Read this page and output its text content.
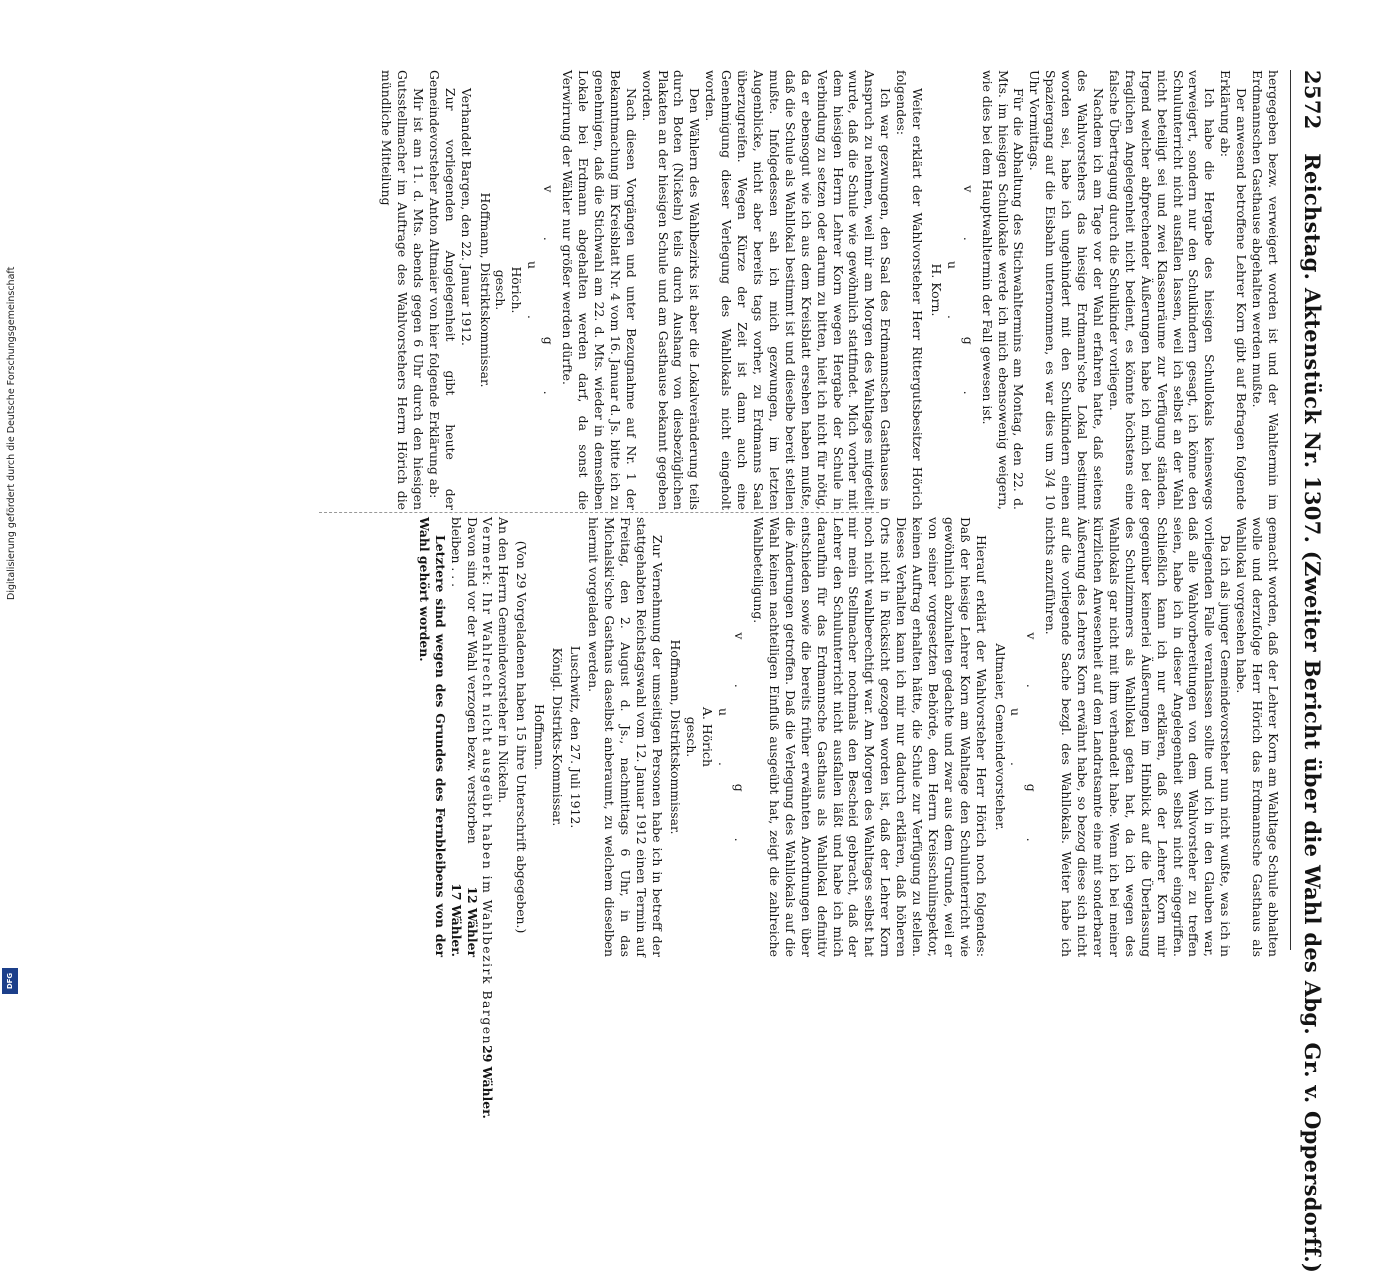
2572 Reichstag. Aktenstück Nr. 1307. (Zweiter Bericht über die Wahl des Abg. Gr. v. Oppersdorff.)

hergegeben bezw. verweigert worden ist und der Wahltermin im Erdmannschen Gasthause abgehalten werden mußte.

Der anwesend betroffene Lehrer Korn gibt auf Befragen folgende Erklärung ab:

Ich habe die Hergabe des hiesigen Schullokals keineswegs verweigert, sondern nur den Schulkindern gesagt, ich könne den Schulunterricht nicht ausfallen lassen, weil ich selbst an der Wahl nicht beteiligt sei und zwei Klassenräume zur Verfügung ständen. Irgend welcher abfprechender Äußerungen habe ich mich bei der fraglichen Angelegenheit nicht bedient, es könnte höchstens eine falsche Übertragung durch die Schulkinder vorliegen.

Nachdem ich am Tage vor der Wahl erfahren hatte, daß seitens des Wahlvorstehers das hiesige Erdmann'sche Lokal bestimmt worden sei, habe ich ungehindert mit den Schulkindern einen Spaziergang auf die Eisbahn unternommen, es war dies um 3/4 10 Uhr Vormittags.

Für die Abhaltung des Stichwahltermins am Montag, den 22. d. Mts. im hiesigen Schullokale werde ich mich ebensowenig weigern, wie dies bei dem Hauptwahltermin der Fall gewesen ist.

v. g. u.
H. Korn.

Weiter erklärt der Wahlvorsteher Herr Rittergutsbesitzer Hörich folgendes:

Ich war gezwungen, den Saal des Erdmannschen Gasthauses in Anspruch zu nehmen, weil mir am Morgen des Wahltages mitgeteilt wurde, daß die Schule wie gewöhnlich stattfindet. Mich vorher mit dem hiesigen Herrn Lehrer Korn wegen Hergabe der Schule in Verbindung zu setzen oder darum zu bitten, hielt ich nicht für nötig, da er ebensogut wie ich aus dem Kreisblatt ersehen haben mußte, daß die Schule als Wahllokal bestimmt ist und dieselbe bereit stellen mußte. Infolgedessen sah ich mich gezwungen, im letzten Augenblicke, nicht aber bereits tags vorher, zu Erdmanns Saal überzugreifen. Wegen Kürze der Zeit ist dann auch eine Genehmigung dieser Verlegung des Wahllokals nicht eingeholt worden.

Den Wählern des Wahlbezirks ist aber die Lokalveränderung teils durch Boten (Nickeln) teils durch Aushang von diesbezüglichen Plakaten an der hiesigen Schule und am Gasthause bekannt gegeben worden.

Nach diesen Vorgängen und unter Bezugnahme auf Nr. 1 der Bekanntmachung im Kreisblatt Nr. 4 vom 16. Januar d. Js. bitte ich zu genehmigen, daß die Stichwahl am 22. d. Mts. wieder in demselben Lokale bei Erdmann abgehalten werden darf, da sonst die Verwirrung der Wähler nur größer werden dürfte.

v. g. u.
Hörich.
gesch.
Hoffmann, Distriktskommissar.

Verhandelt Bargen, den 22. Januar 1912.

Zur vorliegenden Angelegenheit gibt heute der Gemeindevorsteher Anton Altmaier von hier folgende Erklärung ab:

Mir ist am 11. d. Mts. abends gegen 6 Uhr durch den hiesigen Gutsstellmacher im Auftrage des Wahlvorstehers Herrn Hörich die mündliche Mitteilung

gemacht worden, daß der Lehrer Korn am Wahltage Schule abhalten wolle und derzufolge Herr Hörich das Erdmannsche Gasthaus als Wahllokal vorgesehen habe.

Da ich als junger Gemeindevorsteher nun nicht wußte, was ich in vorliegenden Falle veranlassen sollte und ich in den Glauben war, daß alle Wahlvorbereitungen von dem Wahlvorsteher zu treffen seien, habe ich in dieser Angelegenheit selbst nicht eingegriffen. Schließlich kann ich nur erklären, daß der Lehrer Korn mir gegenüber keinerlei Äußerungen im Hinblick auf die Überlassung des Schulzimmers als Wahllokal getan hat, da ich wegen des Wahllokals gar nicht mit ihm verhandelt habe. Wenn ich bei meiner kürzlichen Anwesenheit auf dem Landratsamte eine mit sonderbarer Äußerung des Lehrers Korn erwähnt habe, so bezog diese sich nicht auf die vorliegende Sache bezgl. des Wahllokals. Weiter habe ich nichts anzuführen.

v. g. u.
Altmaier, Gemeindevorsteher.

Hierauf erklärt der Wahlvorsteher Herr Hörich noch folgendes: Daß der hiesige Lehrer Korn am Wahltage den Schulunterricht wie gewöhnlich abzuhalten gedachte und zwar aus dem Grunde, weil er von seiner vorgesetzten Behörde, dem Herrn Kreisschulinspektor, keinen Auftrag erhalten hätte, die Schule zur Verfügung zu stellen. Dieses Verhalten kann ich mir nur dadurch erklären, daß höheren Orts nicht in Rücksicht gezogen worden ist, daß der Lehrer Korn noch nicht wahlberechtigt war. Am Morgen des Wahltages selbst hat mir mein Stellmacher nochmals den Bescheid gebracht, daß der Lehrer den Schulunterricht nicht ausfallen läßt und habe ich mich daraufhin für das Erdmannsche Gasthaus als Wahllokal definitiv entschieden sowie die bereits früher erwähnten Anordnungen über die Änderungen getroffen. Daß die Verlegung des Wahllokals auf die Wahl keinen nachteiligen Einfluß ausgeübt hat, zeigt die zahlreiche Wahlbeteiligung.

v. g. u.
A. Hörich
gesch.
Hoffmann, Distriktskommissar.

Zur Vernehmung der umseitigen Personen habe ich in betreff der stattgehabten Reichstagswahl vom 12. Januar 1912 einen Termin auf Freitag, den 2. August d. Js., nachmittags 6 Uhr, in das Michalski'sche Gasthaus daselbst anberaumt, zu welchem dieselben hiermit vorgeladen werden.

Luschwitz, den 27. Juli 1912.
Königl. Distrikts-Kommissar.
Hoffmann.
(Von 29 Vorgeladenen haben 15 ihre Unterschrift abgegeben.)

An den Herrn Gemeindevorsteher in Nickeln.

Vermerk: Ihr Wahlrecht nicht ausgeübt haben im Wahlbezirk Bargen
29 Wähler.
Davon sind vor der Wahl verzogen bezw. verstorben
12 Wähler
bleiben . . .
17 Wähler.

Letztere sind wegen des Grundes des Fernbleibens von der Wahl gehört worden.

Digitalisierung gefördert durch die Deutsche Forschungsgemeinschaft
DFG
